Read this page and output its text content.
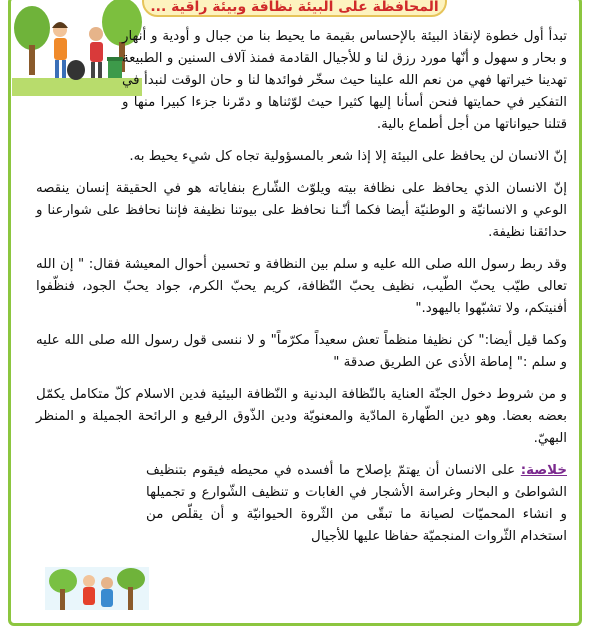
المحافظة على البيئة نظافة وبيئة راقية ...

تبدأ أول خطوة لإنقاذ البيئة بالإحساس بقيمة ما يحيط بنا من جبال و أودية و أنهار و بحار و سهول و أنّها مورد رزق لنا و للأجيال القادمة فمنذ آلاف السنين و الطبيعة تهدينا خيراتها فهي من نعم الله علينا حيث سخّر فوائدها لنا و حان الوقت لنبدأ في التفكير في حمايتها فنحن أسأنا إليها كثيرا حيث لوّثناها و دمّرنا جزءا كبيرا منها و قتلنا حيواناتها من أجل أطماع بالية.

إنّ الانسان لن يحافظ على البيئة إلا إذا شعر بالمسؤولية تجاه كل شيء يحيط به.

إنّ الانسان الذي يحافظ على نظافة بيته ويلوّث الشّارع بنفاياته هو في الحقيقة إنسان ينقصه الوعي و الانسانيّة و الوطنيّة أيضا فكما أنّـنا نحافظ على بيوتنا نظيفة فإننا نحافظ على شوارعنا و حدائقنا نظيفة.

وقد ربط رسول الله صلى الله عليه و سلم بين النظافة و تحسين أحوال المعيشة فقال: " إن الله تعالى طيّب يحبّ الطّيب، نظيف يحبّ النّظافة، كريم يحبّ الكرم، جواد يحبّ الجود، فنظّفوا أفنيتكم، ولا تشبّهوا باليهود."

وكما قيل أيضا:" كن نظيفا منظماً تعش سعيداً مكرّماً" و لا ننسى قول رسول الله صلى الله عليه و سلم :" إماطة الأذى عن الطريق صدقة "

و من شروط دخول الجنّة العناية بالنّظافة البدنية و النّظافة البيئية فدين الاسلام كلّ متكامل يكمّل بعضه بعضا. وهو دين الطّهارة المادّية والمعنويّة ودين الذّوق الرفيع و الرائحة الجميلة و المنظر البهيّ.

خلاصة: على الانسان أن يهتمّ بإصلاح ما أفسده في محيطه فيقوم بتنظيف الشواطئ و البحار وغراسة الأشجار في الغابات و تنظيف الشّوارع و تجميلها و انشاء المحميّات لصيانة ما تبقّى من الثّروة الحيوانيّة و أن يقلّص من استخدام الثّروات المنجميّة حفاظا عليها للأجيال
